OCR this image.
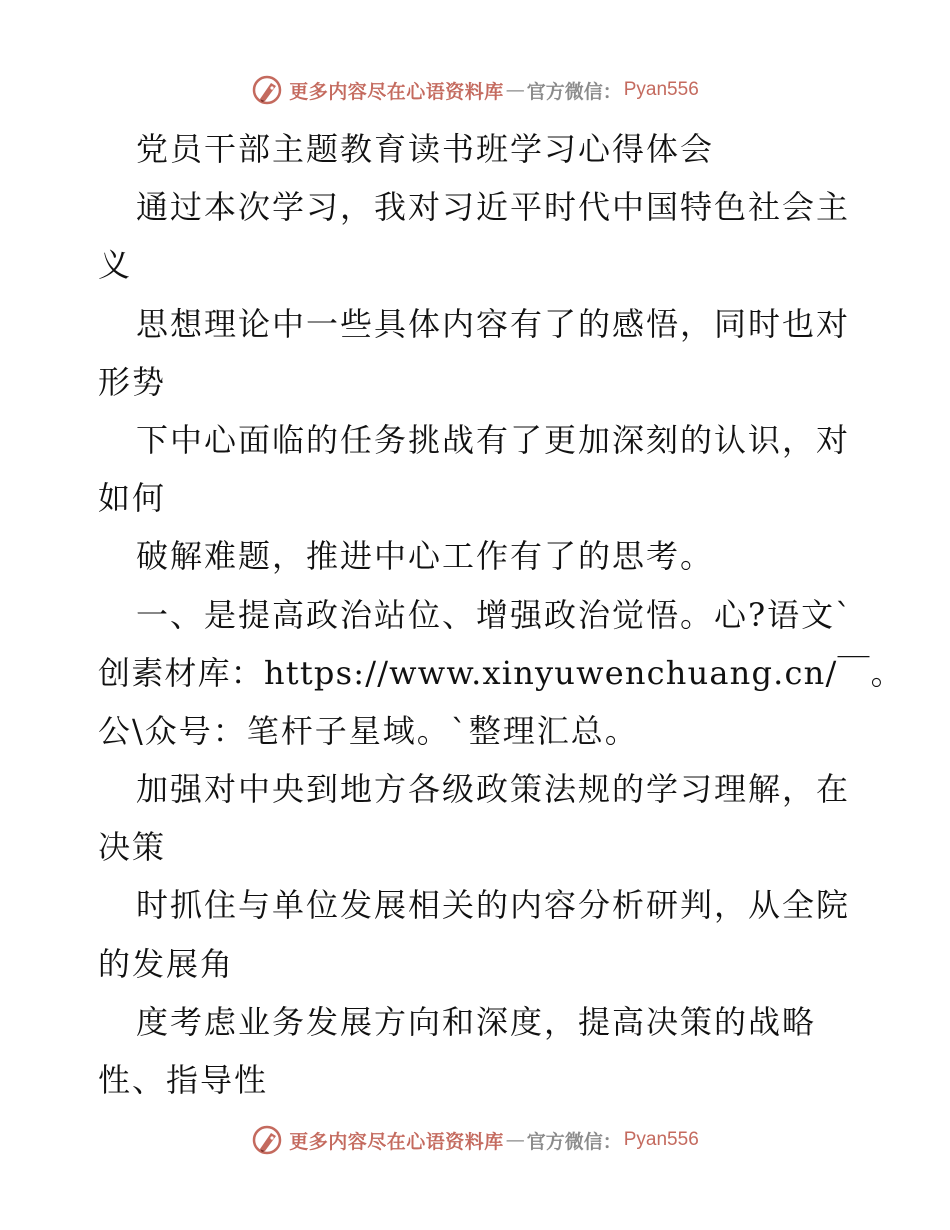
更多内容尽在心语资料库 — 官方微信： Pyan556
党员干部主题教育读书班学习心得体会
通过本次学习，我对习近平时代中国特色社会主
义
思想理论中一些具体内容有了的感悟，同时也对
形势
下中心面临的任务挑战有了更加深刻的认识，对
如何
破解难题，推进中心工作有了的思考。
一、是提高政治站位、增强政治觉悟。心?语文`
创素材库：https://www.xinyuwenchuang.cn/￣。
公\众号：笔杆子星域。`整理汇总。
加强对中央到地方各级政策法规的学习理解，在
决策
时抓住与单位发展相关的内容分析研判，从全院
的发展角
度考虑业务发展方向和深度，提高决策的战略
性、指导性
更多内容尽在心语资料库 — 官方微信： Pyan556
